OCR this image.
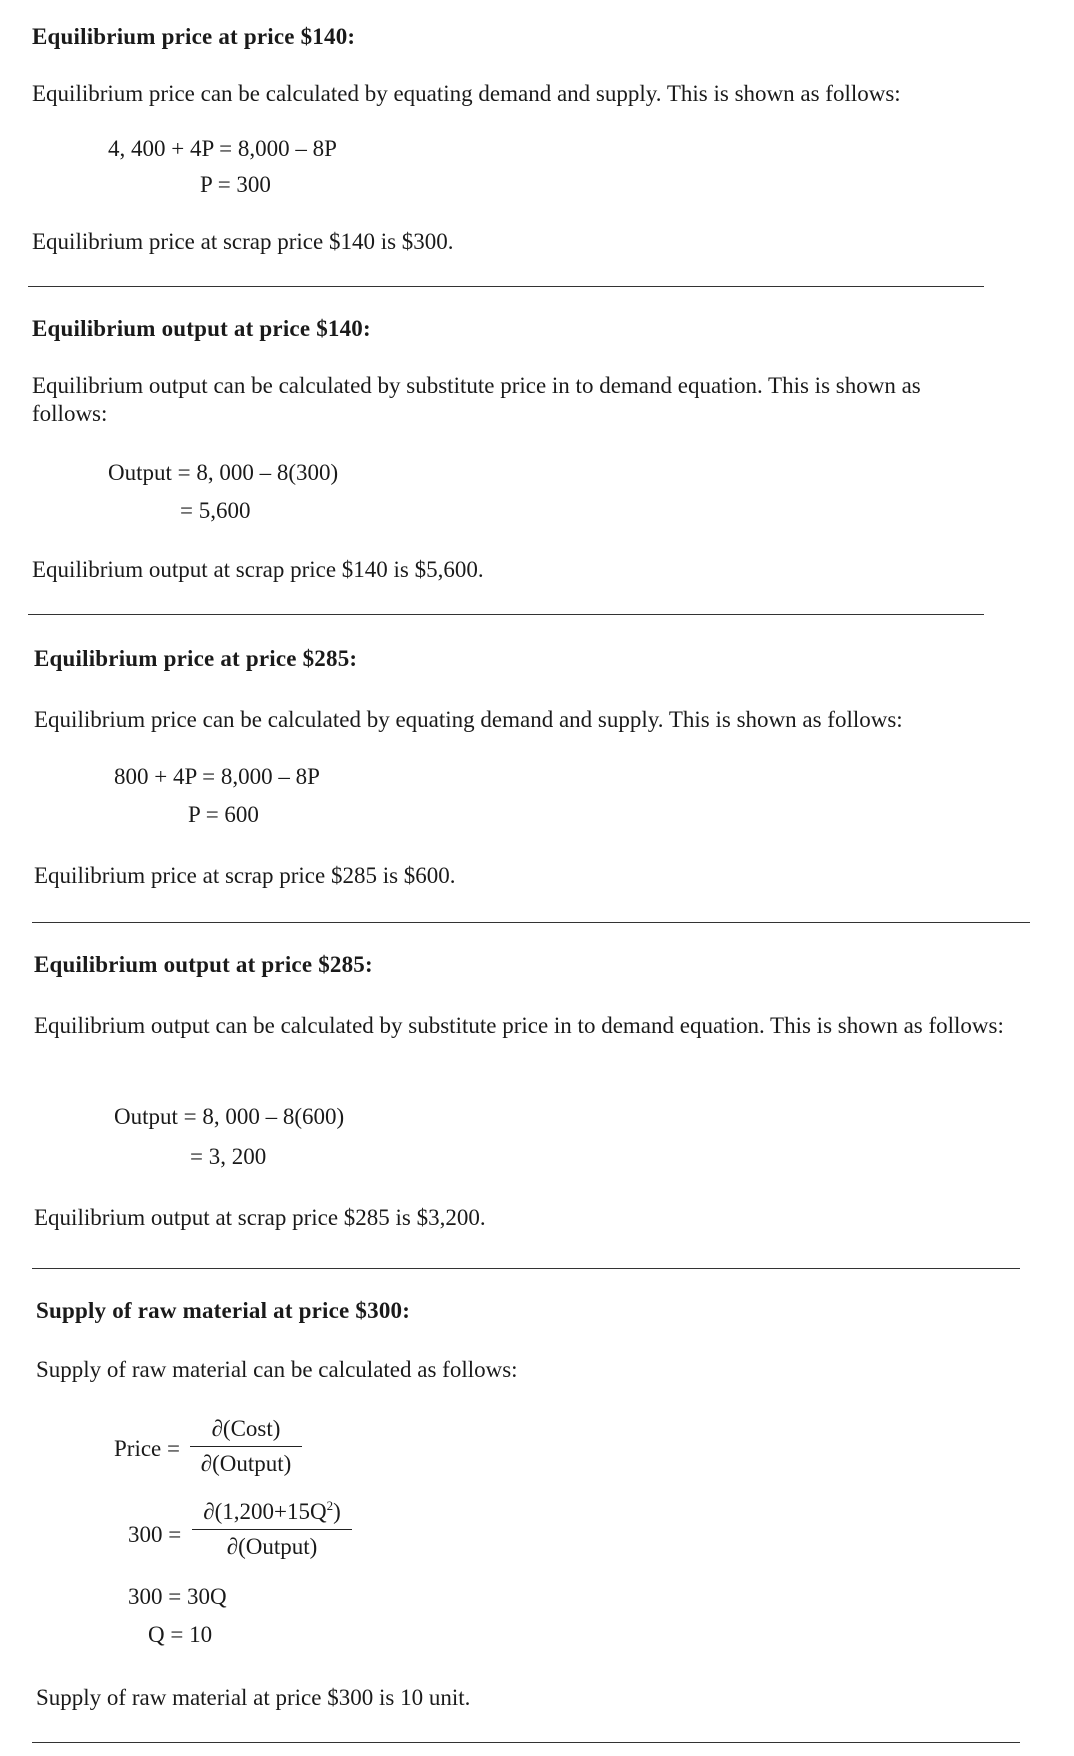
Equilibrium price at price $140:
Equilibrium price can be calculated by equating demand and supply. This is shown as follows:
4, 400 + 4P = 8,000 – 8P
P = 300
Equilibrium price at scrap price $140 is $300.
Equilibrium output at price $140:
Equilibrium output can be calculated by substitute price in to demand equation. This is shown as follows:
Output = 8, 000 – 8(300)
= 5,600
Equilibrium output at scrap price $140 is $5,600.
Equilibrium price at price $285:
Equilibrium price can be calculated by equating demand and supply. This is shown as follows:
800 + 4P = 8,000 – 8P
P = 600
Equilibrium price at scrap price $285 is $600.
Equilibrium output at price $285:
Equilibrium output can be calculated by substitute price in to demand equation. This is shown as follows:
Output = 8, 000 – 8(600)
= 3, 200
Equilibrium output at scrap price $285 is $3,200.
Supply of raw material at price $300:
Supply of raw material can be calculated as follows:
Price =
∂(Cost)
∂(Output)
300 =
$\partial(1,200+15Q^2)$
∂(Output)
300 = 30Q
Q = 10
Supply of raw material at price $300 is 10 unit.
